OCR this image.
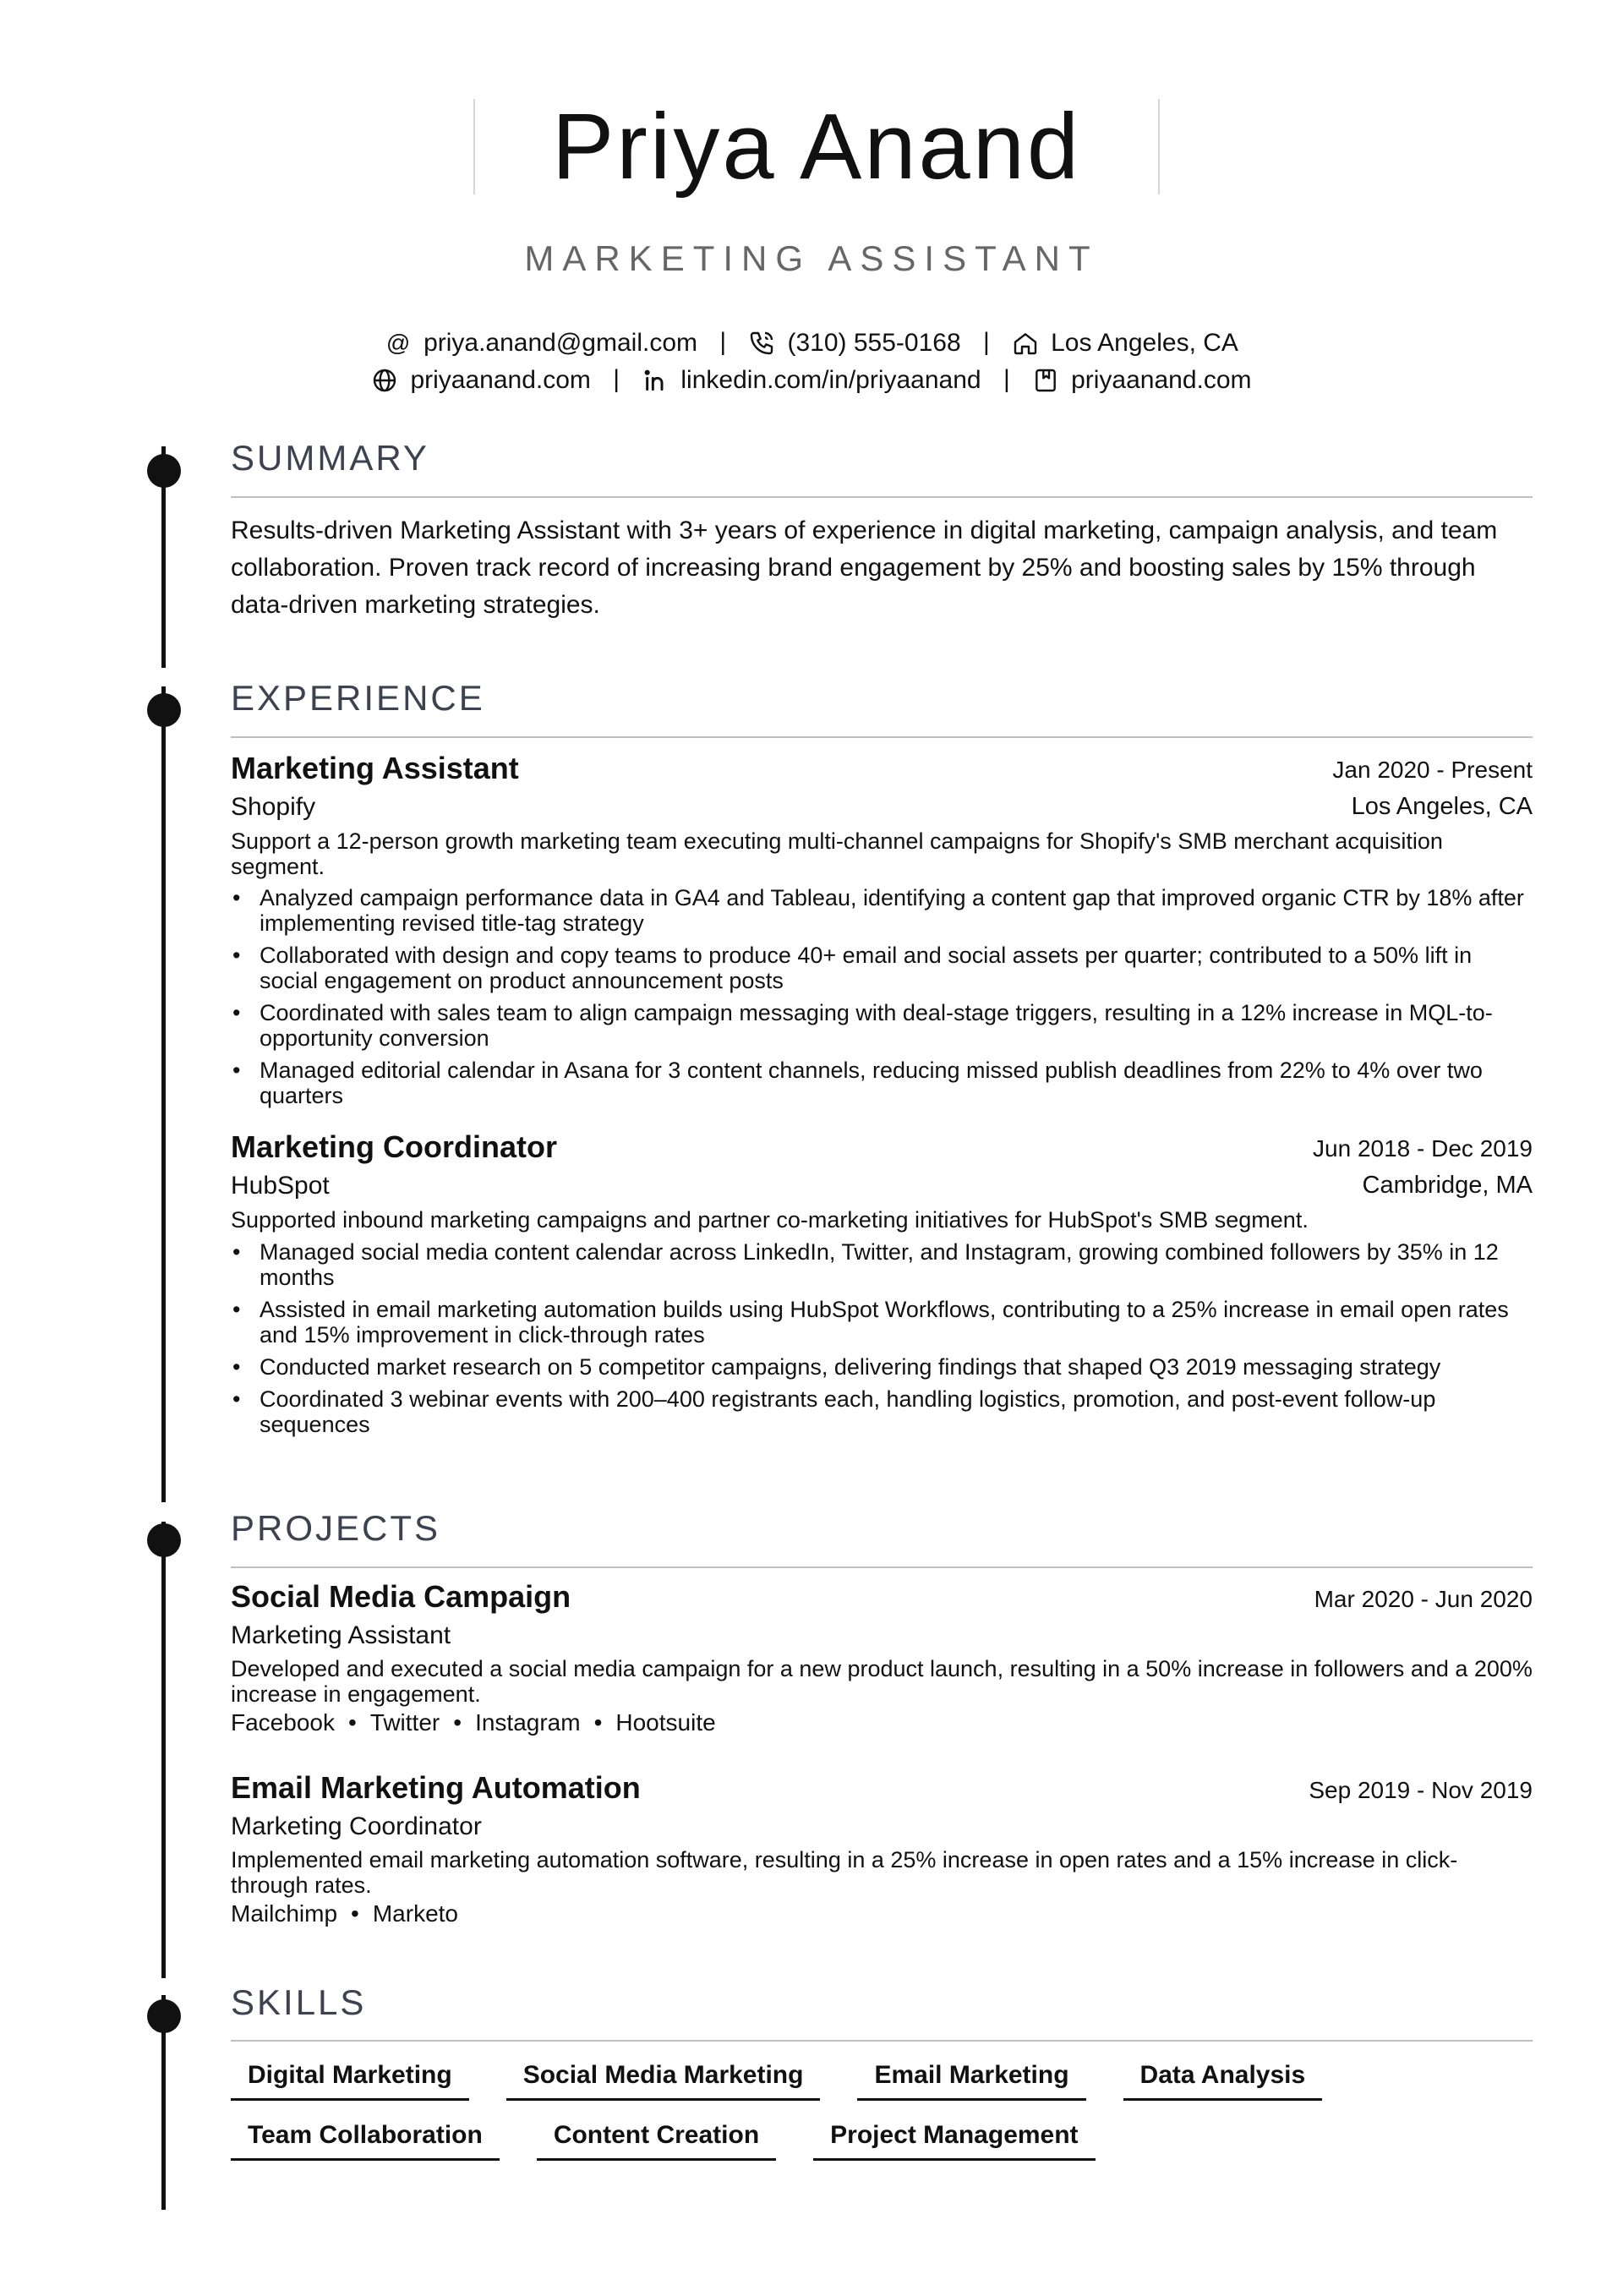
Priya Anand
MARKETING ASSISTANT
@ priya.anand@gmail.com | (310) 555-0168 | Los Angeles, CA
priyaanand.com | linkedin.com/in/priyaanand | priyaanand.com
SUMMARY
Results-driven Marketing Assistant with 3+ years of experience in digital marketing, campaign analysis, and team collaboration. Proven track record of increasing brand engagement by 25% and boosting sales by 15% through data-driven marketing strategies.
EXPERIENCE
Marketing Assistant	Jan 2020 - Present
Shopify	Los Angeles, CA
Support a 12-person growth marketing team executing multi-channel campaigns for Shopify's SMB merchant acquisition segment.
• Analyzed campaign performance data in GA4 and Tableau, identifying a content gap that improved organic CTR by 18% after implementing revised title-tag strategy
• Collaborated with design and copy teams to produce 40+ email and social assets per quarter; contributed to a 50% lift in social engagement on product announcement posts
• Coordinated with sales team to align campaign messaging with deal-stage triggers, resulting in a 12% increase in MQL-to-opportunity conversion
• Managed editorial calendar in Asana for 3 content channels, reducing missed publish deadlines from 22% to 4% over two quarters
Marketing Coordinator	Jun 2018 - Dec 2019
HubSpot	Cambridge, MA
Supported inbound marketing campaigns and partner co-marketing initiatives for HubSpot's SMB segment.
• Managed social media content calendar across LinkedIn, Twitter, and Instagram, growing combined followers by 35% in 12 months
• Assisted in email marketing automation builds using HubSpot Workflows, contributing to a 25% increase in email open rates and 15% improvement in click-through rates
• Conducted market research on 5 competitor campaigns, delivering findings that shaped Q3 2019 messaging strategy
• Coordinated 3 webinar events with 200–400 registrants each, handling logistics, promotion, and post-event follow-up sequences
PROJECTS
Social Media Campaign	Mar 2020 - Jun 2020
Marketing Assistant
Developed and executed a social media campaign for a new product launch, resulting in a 50% increase in followers and a 200% increase in engagement.
Facebook • Twitter • Instagram • Hootsuite
Email Marketing Automation	Sep 2019 - Nov 2019
Marketing Coordinator
Implemented email marketing automation software, resulting in a 25% increase in open rates and a 15% increase in click-through rates.
Mailchimp • Marketo
SKILLS
Digital Marketing	Social Media Marketing	Email Marketing	Data Analysis
Team Collaboration	Content Creation	Project Management
